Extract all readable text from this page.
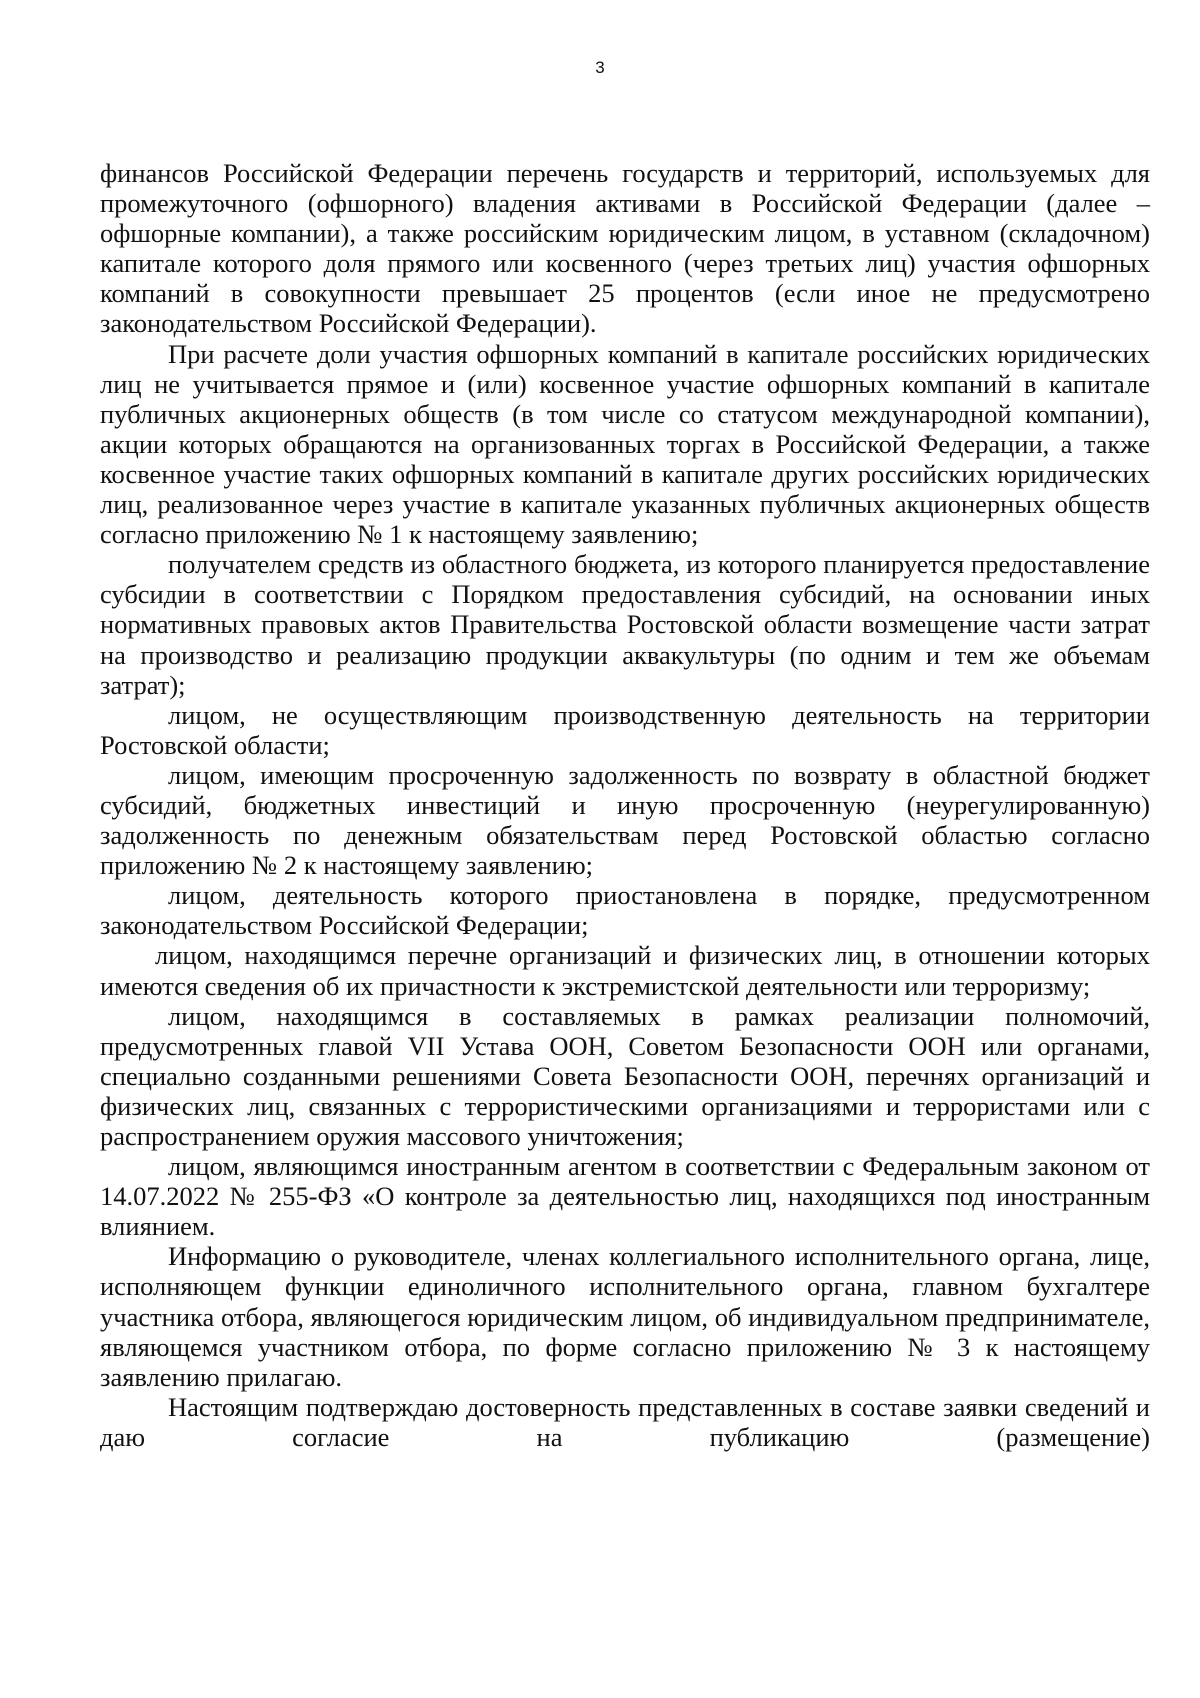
3

финансов Российской Федерации перечень государств и территорий, используемых для промежуточного (офшорного) владения активами в Российской Федерации (далее – офшорные компании), а также российским юридическим лицом, в уставном (складочном) капитале которого доля прямого или косвенного (через третьих лиц) участия офшорных компаний в совокупности превышает 25 процентов (если иное не предусмотрено законодательством Российской Федерации).

При расчете доли участия офшорных компаний в капитале российских юридических лиц не учитывается прямое и (или) косвенное участие офшорных компаний в капитале публичных акционерных обществ (в том числе со статусом международной компании), акции которых обращаются на организованных торгах в Российской Федерации, а также косвенное участие таких офшорных компаний в капитале других российских юридических лиц, реализованное через участие в капитале указанных публичных акционерных обществ согласно приложению № 1 к настоящему заявлению;

получателем средств из областного бюджета, из которого планируется предоставление субсидии в соответствии с Порядком предоставления субсидий, на основании иных нормативных правовых актов Правительства Ростовской области возмещение части затрат на производство и реализацию продукции аквакультуры (по одним и тем же объемам затрат);

лицом, не осуществляющим производственную деятельность на территории Ростовской области;

лицом, имеющим просроченную задолженность по возврату в областной бюджет субсидий, бюджетных инвестиций и иную просроченную (неурегулированную) задолженность по денежным обязательствам перед Ростовской областью согласно приложению № 2 к настоящему заявлению;

лицом, деятельность которого приостановлена в порядке, предусмотренном законодательством Российской Федерации;

лицом, находящимся перечне организаций и физических лиц, в отношении которых имеются сведения об их причастности к экстремистской деятельности или терроризму;

лицом, находящимся в составляемых в рамках реализации полномочий, предусмотренных главой VII Устава ООН, Советом Безопасности ООН или органами, специально созданными решениями Совета Безопасности ООН, перечнях организаций и физических лиц, связанных с террористическими организациями и террористами или с распространением оружия массового уничтожения;

лицом, являющимся иностранным агентом в соответствии с Федеральным законом от 14.07.2022 № 255-ФЗ «О контроле за деятельностью лиц, находящихся под иностранным влиянием.

Информацию о руководителе, членах коллегиального исполнительного органа, лице, исполняющем функции единоличного исполнительного органа, главном бухгалтере участника отбора, являющегося юридическим лицом, об индивидуальном предпринимателе, являющемся участником отбора, по форме согласно приложению № 3 к настоящему заявлению прилагаю.

Настоящим подтверждаю достоверность представленных в составе заявки сведений и даю согласие на публикацию (размещение)
